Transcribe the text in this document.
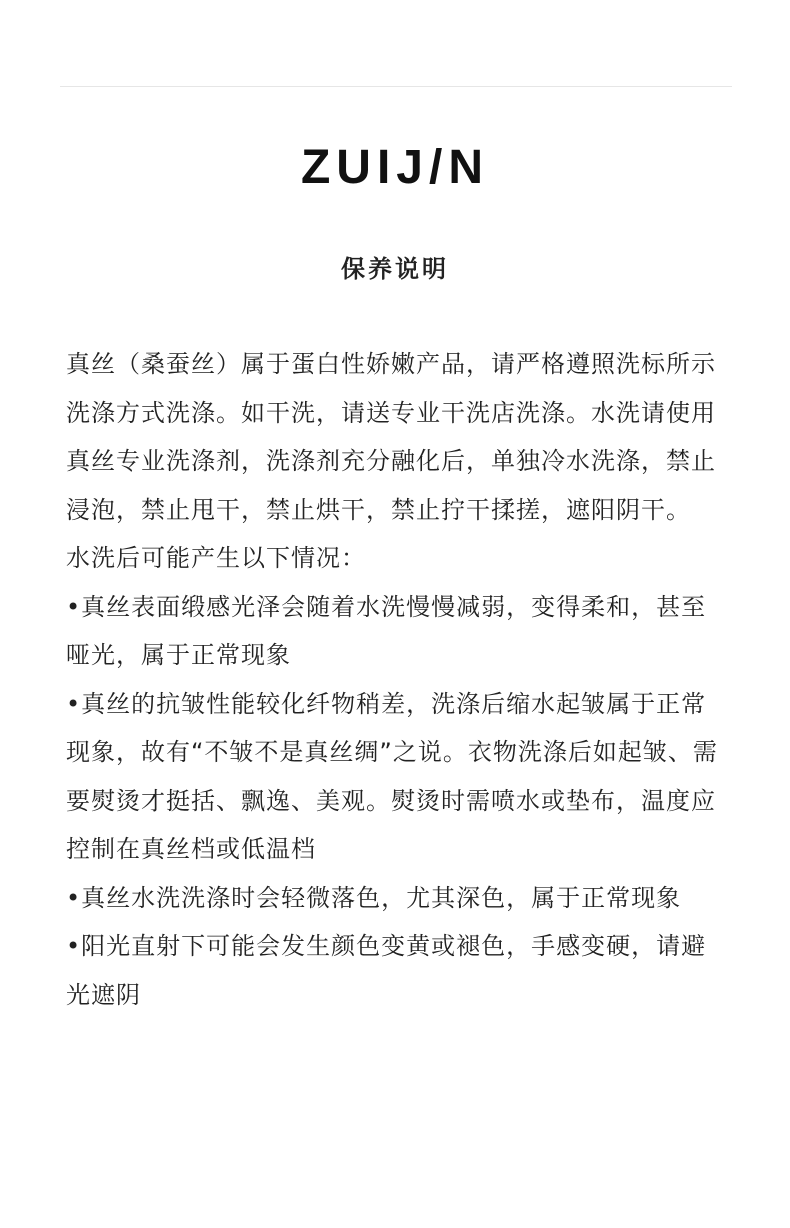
ZUIJ/N
保养说明

真丝（桑蚕丝）属于蛋白性娇嫩产品，请严格遵照洗标所示洗涤方式洗涤。如干洗，请送专业干洗店洗涤。水洗请使用真丝专业洗涤剂，洗涤剂充分融化后，单独冷水洗涤，禁止浸泡，禁止甩干，禁止烘干，禁止拧干揉搓，遮阳阴干。

水洗后可能产生以下情况：

•真丝表面缎感光泽会随着水洗慢慢减弱，变得柔和，甚至哑光，属于正常现象

•真丝的抗皱性能较化纤物稍差，洗涤后缩水起皱属于正常现象，故有“不皱不是真丝绸”之说。衣物洗涤后如起皱、需要熨烫才挺括、飘逸、美观。熨烫时需喷水或垫布，温度应控制在真丝档或低温档

•真丝水洗洗涤时会轻微落色，尤其深色，属于正常现象

•阳光直射下可能会发生颜色变黄或褪色，手感变硬，请避光遮阴
